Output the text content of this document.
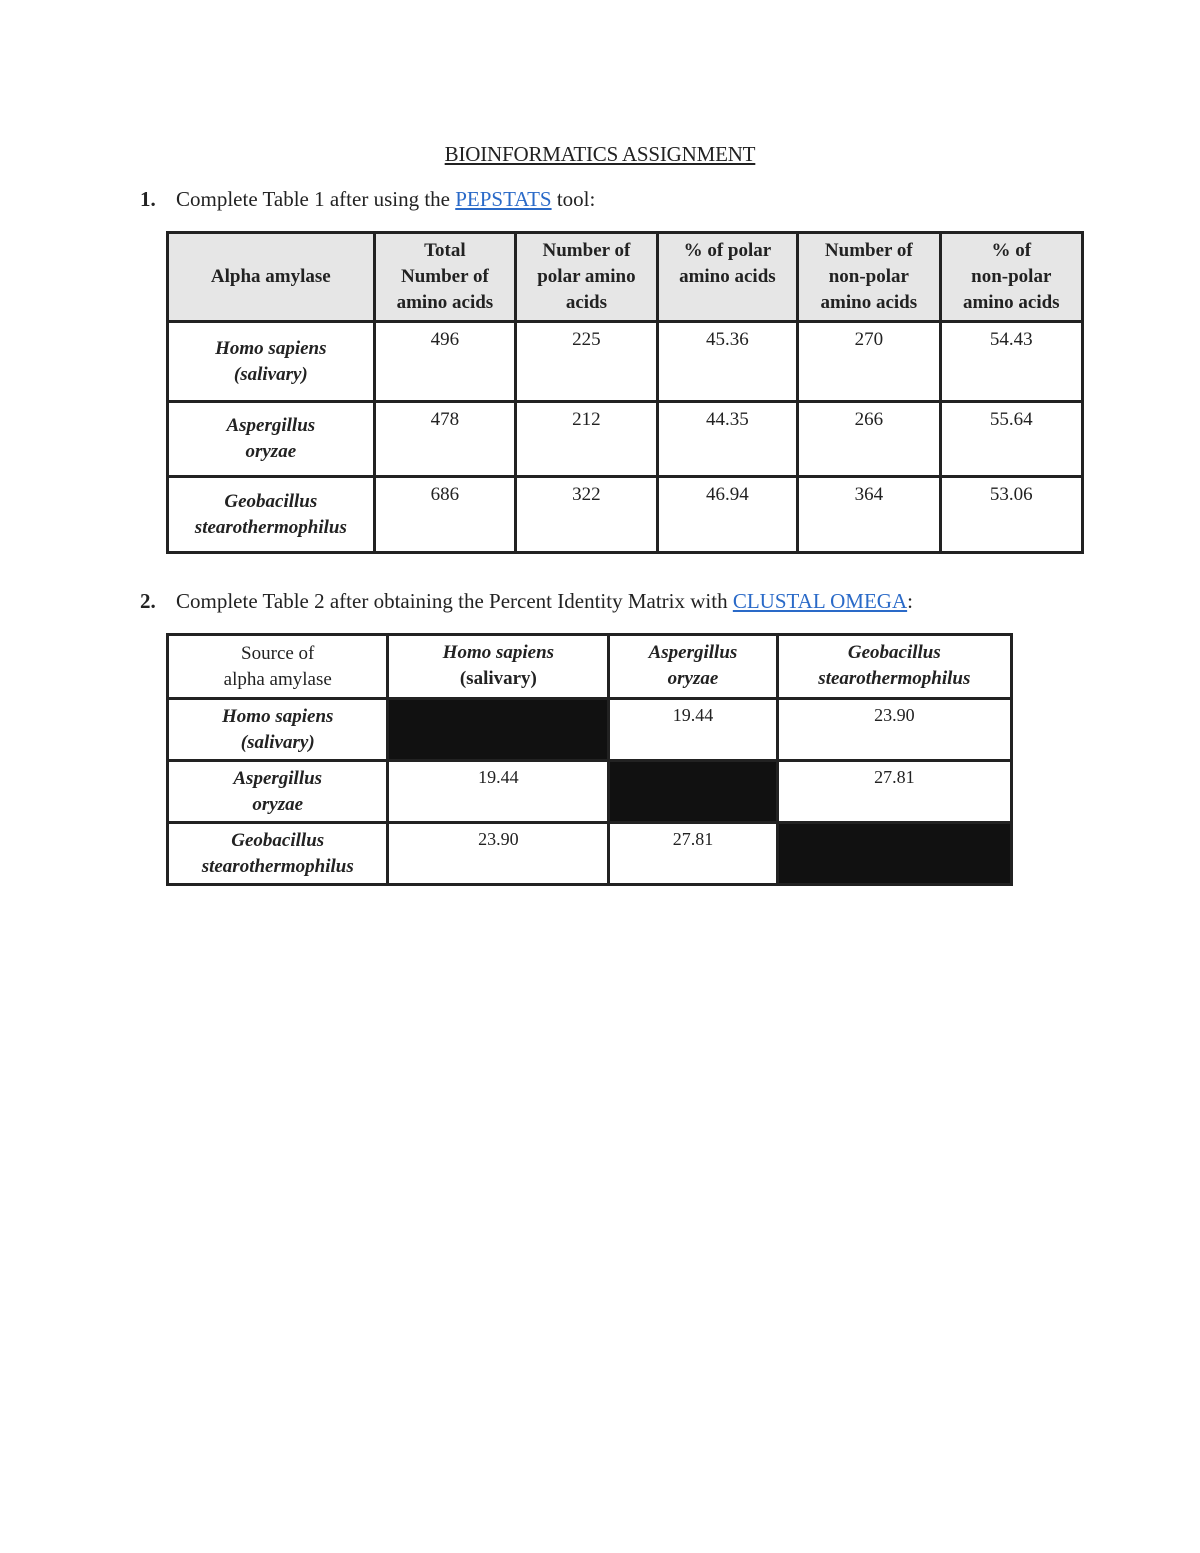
BIOINFORMATICS ASSIGNMENT
1. Complete Table 1 after using the PEPSTATS tool:
Alpha amylase	Total
Number of
amino acids	Number of
polar amino
acids	% of polar
amino acids	Number of
non-polar
amino acids	% of
non-polar
amino acids

Homo sapiens
(salivary)	496	225	45.36	270	54.43

Aspergillus
oryzae	478	212	44.35	266	55.64

Geobacillus
stearothermophilus	686	322	46.94	364	53.06
2. Complete Table 2 after obtaining the Percent Identity Matrix with CLUSTAL OMEGA:
Source of
alpha amylase	Homo sapiens
(salivary)	Aspergillus
oryzae	Geobacillus
stearothermophilus

Homo sapiens
(salivary)		19.44	23.90

Aspergillus
oryzae	19.44		27.81

Geobacillus
stearothermophilus	23.90	27.81	
